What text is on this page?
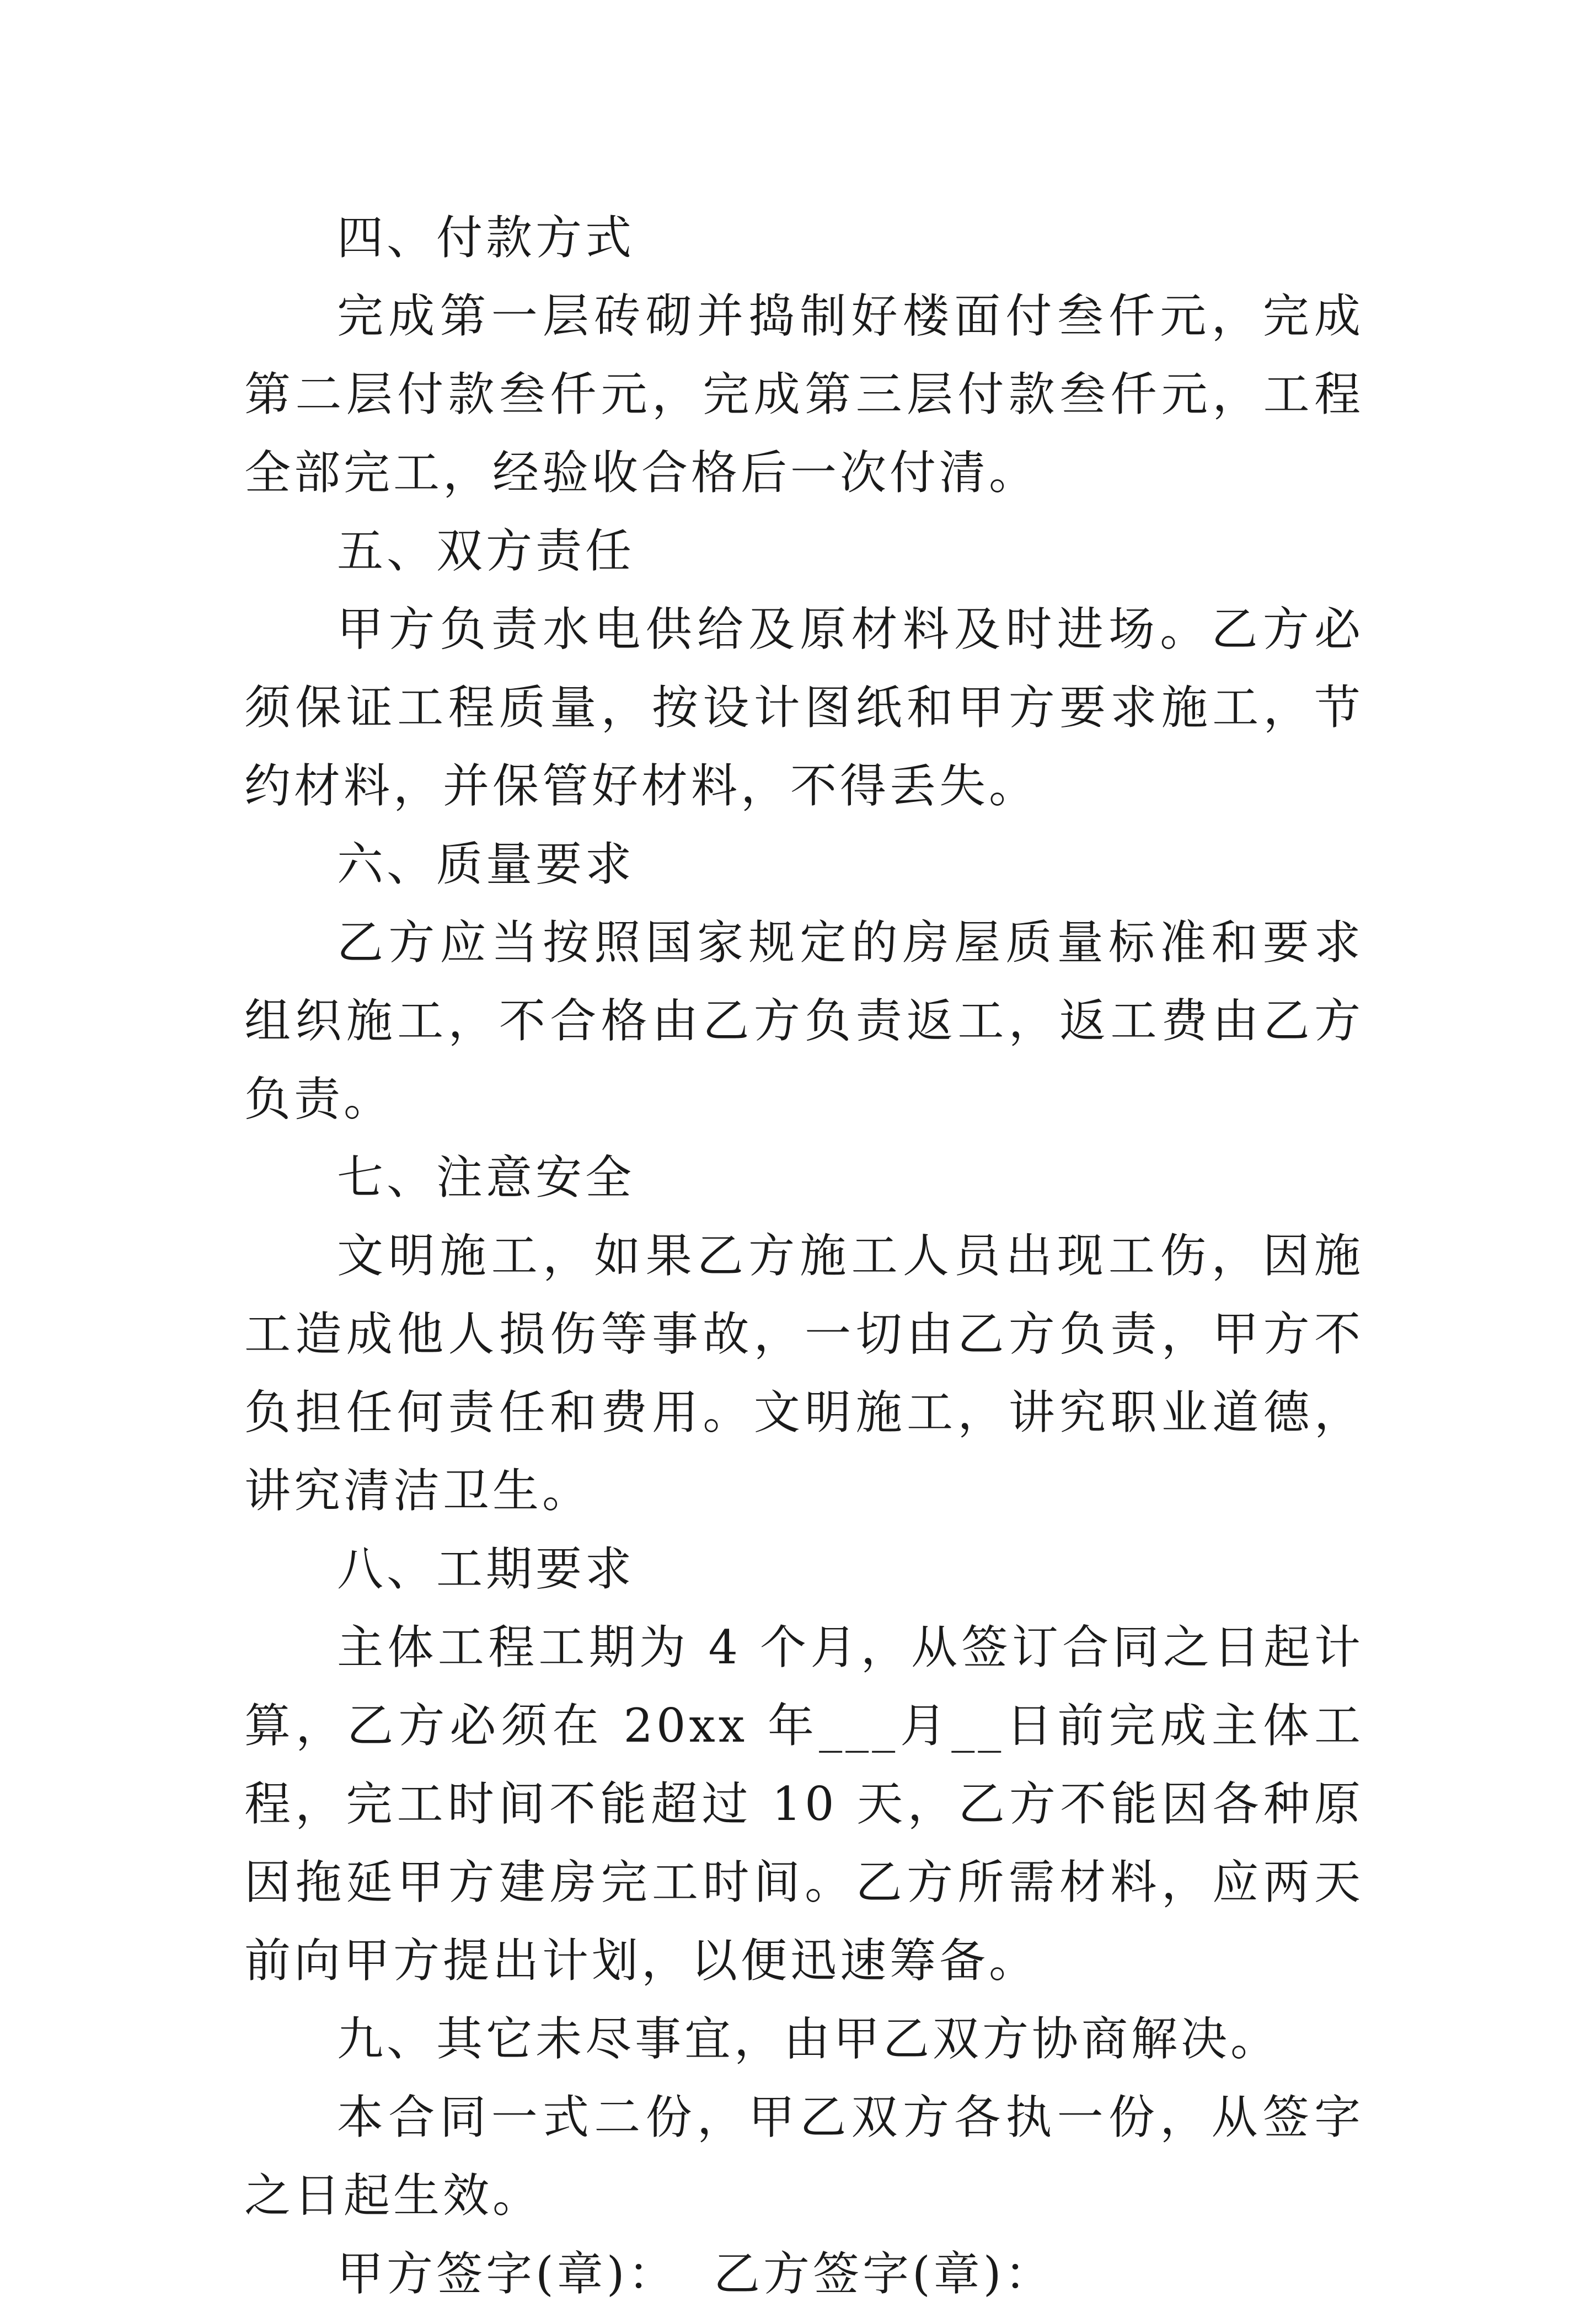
四、付款方式

完成第一层砖砌并捣制好楼面付叁仟元，完成第二层付款叁仟元，完成第三层付款叁仟元，工程全部完工，经验收合格后一次付清。

五、双方责任

甲方负责水电供给及原材料及时进场。乙方必须保证工程质量，按设计图纸和甲方要求施工，节约材料，并保管好材料，不得丢失。

六、质量要求

乙方应当按照国家规定的房屋质量标准和要求组织施工，不合格由乙方负责返工，返工费由乙方负责。

七、注意安全

文明施工，如果乙方施工人员出现工伤，因施工造成他人损伤等事故，一切由乙方负责，甲方不负担任何责任和费用。文明施工，讲究职业道德，讲究清洁卫生。

八、工期要求

主体工程工期为 4 个月，从签订合同之日起计算，乙方必须在 20xx 年___月__日前完成主体工程，完工时间不能超过 10 天，乙方不能因各种原因拖延甲方建房完工时间。乙方所需材料，应两天前向甲方提出计划，以便迅速筹备。

九、其它未尽事宜，由甲乙双方协商解决。

本合同一式二份，甲乙双方各执一份，从签字之日起生效。

甲方签字(章)： 乙方签字(章)：
